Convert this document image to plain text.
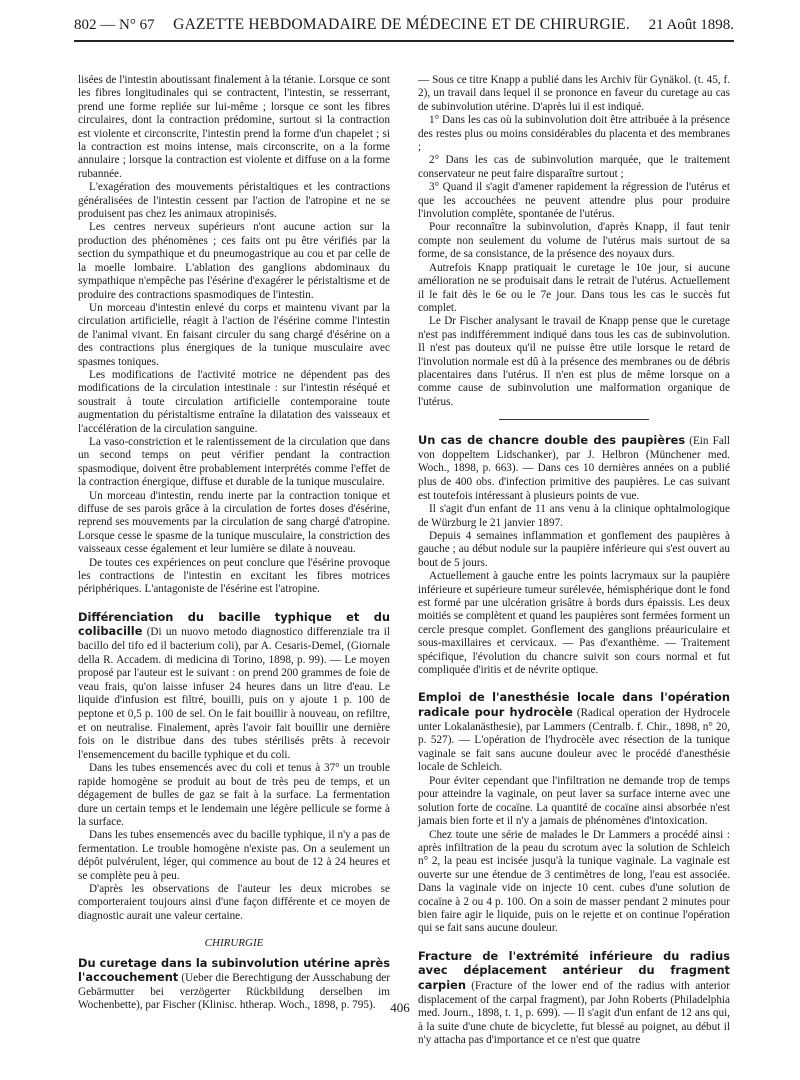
802 — N° 67 GAZETTE HEBDOMADAIRE DE MÉDECINE ET DE CHIRURGIE. 21 Août 1898.

lisées de l'intestin aboutissant finalement à la tétanie. Lorsque ce sont les fibres longitudinales qui se contractent, l'intestin, se resserrant, prend une forme repliée sur lui-même ; lorsque ce sont les fibres circulaires, dont la contraction prédomine, surtout si la contraction est violente et circonscrite, l'intestin prend la forme d'un chapelet ; si la contraction est moins intense, mais circonscrite, on a la forme annulaire ; lorsque la contraction est violente et diffuse on a la forme rubannée.

L'exagération des mouvements péristaltiques et les contractions généralisées de l'intestin cessent par l'action de l'atropine et ne se produisent pas chez les animaux atropinisés.

Les centres nerveux supérieurs n'ont aucune action sur la production des phénomènes ; ces faits ont pu être vérifiés par la section du sympathique et du pneumogastrique au cou et par celle de la moelle lombaire. L'ablation des ganglions abdominaux du sympathique n'empêche pas l'ésérine d'exagérer le péristaltisme et de produire des contractions spasmodiques de l'intestin.

Un morceau d'intestin enlevé du corps et maintenu vivant par la circulation artificielle, réagit à l'action de l'ésérine comme l'intestin de l'animal vivant. En faisant circuler du sang chargé d'ésérine on a des contractions plus énergiques de la tunique musculaire avec spasmes toniques.

Les modifications de l'activité motrice ne dépendent pas des modifications de la circulation intestinale : sur l'intestin réséqué et soustrait à toute circulation artificielle contemporaine toute augmentation du péristaltisme entraîne la dilatation des vaisseaux et l'accélération de la circulation sanguine.

La vaso-constriction et le ralentissement de la circulation que dans un second temps on peut vérifier pendant la contraction spasmodique, doivent être probablement interprétés comme l'effet de la contraction énergique, diffuse et durable de la tunique musculaire.

Un morceau d'intestin, rendu inerte par la contraction tonique et diffuse de ses parois grâce à la circulation de fortes doses d'ésérine, reprend ses mouvements par la circulation de sang chargé d'atropine. Lorsque cesse le spasme de la tunique musculaire, la constriction des vaisseaux cesse également et leur lumière se dilate à nouveau.

De toutes ces expériences on peut conclure que l'ésérine provoque les contractions de l'intestin en excitant les fibres motrices périphériques. L'antagoniste de l'ésérine est l'atropine.

Différenciation du bacille typhique et du colibacille (Di un nuovo metodo diagnostico differenziale tra il bacillo del tifo ed il bacterium coli), par A. Cesaris-Demel, (Giornale della R. Accadem. di medicina di Torino, 1898, p. 99). — Le moyen proposé par l'auteur est le suivant : on prend 200 grammes de foie de veau frais, qu'on laisse infuser 24 heures dans un litre d'eau. Le liquide d'infusion est filtré, bouilli, puis on y ajoute 1 p. 100 de peptone et 0,5 p. 100 de sel. On le fait bouillir à nouveau, on refiltre, et on neutralise. Finalement, après l'avoir fait bouillir une dernière fois on le distribue dans des tubes stérilisés prêts à recevoir l'ensemencement du bacille typhique et du coli.

Dans les tubes ensemencés avec du coli et tenus à 37° un trouble rapide homogène se produit au bout de très peu de temps, et un dégagement de bulles de gaz se fait à la surface. La fermentation dure un certain temps et le lendemain une légère pellicule se forme à la surface.

Dans les tubes ensemencés avec du bacille typhique, il n'y a pas de fermentation. Le trouble homogène n'existe pas. On a seulement un dépôt pulvérulent, léger, qui commence au bout de 12 à 24 heures et se complète peu à peu.

D'après les observations de l'auteur les deux microbes se comporteraient toujours ainsi d'une façon différente et ce moyen de diagnostic aurait une valeur certaine.

CHIRURGIE

Du curetage dans la subinvolution utérine après l'accouchement (Ueber die Berechtigung der Ausschabung der Gebärmutter bei verzögerter Rückbildung derselben im Wochenbette), par Fischer (Klinisc. htherap. Woch., 1898, p. 795).

— Sous ce titre Knapp a publié dans les Archiv für Gynäkol. (t. 45, f. 2), un travail dans lequel il se prononce en faveur du curetage au cas de subinvolution utérine. D'après lui il est indiqué.

1° Dans les cas où la subinvolution doit être attribuée à la présence des restes plus ou moins considérables du placenta et des membranes ;

2° Dans les cas de subinvolution marquée, que le traitement conservateur ne peut faire disparaître surtout ;

3° Quand il s'agit d'amener rapidement la régression de l'utérus et que les accouchées ne peuvent attendre plus pour produire l'involution complète, spontanée de l'utérus.

Pour reconnaître la subinvolution, d'après Knapp, il faut tenir compte non seulement du volume de l'utérus mais surtout de sa forme, de sa consistance, de la présence des noyaux durs.

Autrefois Knapp pratiquait le curetage le 10e jour, si aucune amélioration ne se produisait dans le retrait de l'utérus. Actuellement il le fait dès le 6e ou le 7e jour. Dans tous les cas le succès fut complet.

Le Dr Fischer analysant le travail de Knapp pense que le curetage n'est pas indifféremment indiqué dans tous les cas de subinvolution. Il n'est pas douteux qu'il ne puisse être utile lorsque le retard de l'involution normale est dû à la présence des membranes ou de débris placentaires dans l'utérus. Il n'en est plus de même lorsque on a comme cause de subinvolution une malformation organique de l'utérus.

Un cas de chancre double des paupières (Ein Fall von doppeltem Lidschanker), par J. Helbron (Münchener med. Woch., 1898, p. 663). — Dans ces 10 dernières années on a publié plus de 400 obs. d'infection primitive des paupières. Le cas suivant est toutefois intéressant à plusieurs points de vue.

Il s'agit d'un enfant de 11 ans venu à la clinique ophtalmologique de Würzburg le 21 janvier 1897.

Depuis 4 semaines inflammation et gonflement des paupières à gauche ; au début nodule sur la paupière inférieure qui s'est ouvert au bout de 5 jours.

Actuellement à gauche entre les points lacrymaux sur la paupière inférieure et supérieure tumeur surélevée, hémisphérique dont le fond est formé par une ulcération grisâtre à bords durs épaissis. Les deux moitiés se complètent et quand les paupières sont fermées forment un cercle presque complet. Gonflement des ganglions préauriculaire et sous-maxillaires et cervicaux. — Pas d'exanthème. — Traitement spécifique, l'évolution du chancre suivit son cours normal et fut compliquée d'iritis et de névrite optique.

Emploi de l'anesthésie locale dans l'opération radicale pour hydrocèle (Radical operation der Hydrocele unter Lokalanästhesie), par Lammers (Centralb. f. Chir., 1898, n° 20, p. 527). — L'opération de l'hydrocèle avec résection de la tunique vaginale se fait sans aucune douleur avec le procédé d'anesthésie locale de Schleich.

Pour éviter cependant que l'infiltration ne demande trop de temps pour atteindre la vaginale, on peut laver sa surface interne avec une solution forte de cocaïne. La quantité de cocaïne ainsi absorbée n'est jamais bien forte et il n'y a jamais de phénomènes d'intoxication.

Chez toute une série de malades le Dr Lammers a procédé ainsi : après infiltration de la peau du scrotum avec la solution de Schleich n° 2, la peau est incisée jusqu'à la tunique vaginale. La vaginale est ouverte sur une étendue de 3 centimètres de long, l'eau est associée. Dans la vaginale vide on injecte 10 cent. cubes d'une solution de cocaïne à 2 ou 4 p. 100. On a soin de masser pendant 2 minutes pour bien faire agir le liquide, puis on le rejette et on continue l'opération qui se fait sans aucune douleur.

Fracture de l'extrémité inférieure du radius avec déplacement antérieur du fragment carpien (Fracture of the lower end of the radius with anterior displacement of the carpal fragment), par John Roberts (Philadelphia med. Journ., 1898, t. 1, p. 699). — Il s'agit d'un enfant de 12 ans qui, à la suite d'une chute de bicyclette, fut blessé au poignet, au début il n'y attacha pas d'importance et ce n'est que quatre

406
